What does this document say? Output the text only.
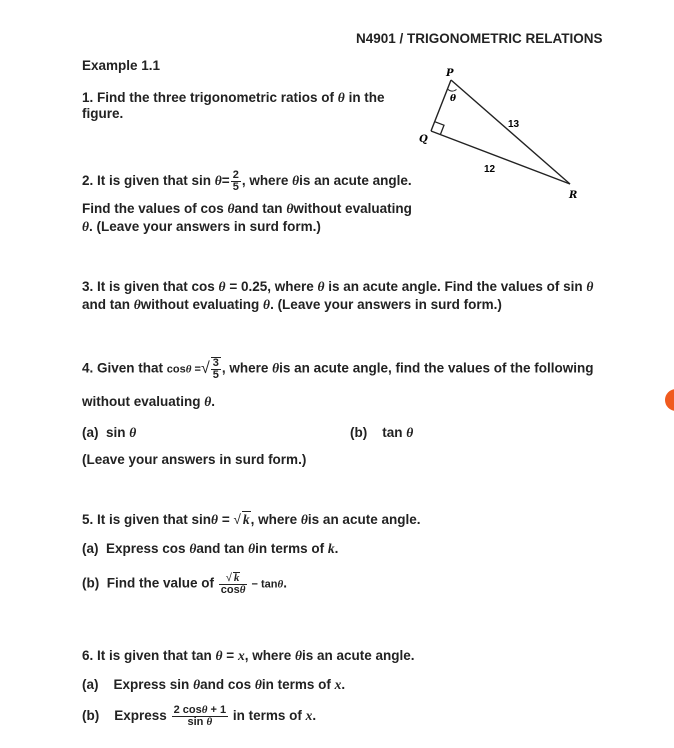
N4901 / TRIGONOMETRIC RELATIONS
Example 1.1
1. Find the three trigonometric ratios of θ in the
figure.
P
Q
R
θ
13
12
2. It is given that $\sin \theta= \frac{2}{5}$ , where θis an acute angle.
Find the values of cos θand tan θwithout evaluating
θ. (Leave your answers in surd form.)
3. It is given that cos θ = 0.25, where θ is an acute angle. Find the values of sin θ
and tan θwithout evaluating θ. (Leave your answers in surd form.)
4. Given that cosθ =√ $\frac{3}{5}$ , where θis an acute angle, find the values of the following
without evaluating θ.
(a) sin θ	(b) tan θ
(Leave your answers in surd form.)
5. It is given that sinθ = √ k, where θis an acute angle.
(a) Express cos θand tan θin terms of k.
(b) Find the value of $\frac{√ k}{\cos\theta} - \tan\theta$.
6. It is given that tan θ = x, where θis an acute angle.
(a) Express sin θand cos θin terms of x.
(b) Express $\frac{2 \cos\theta + 1}{\text{sin θ}}$ in terms of x.
